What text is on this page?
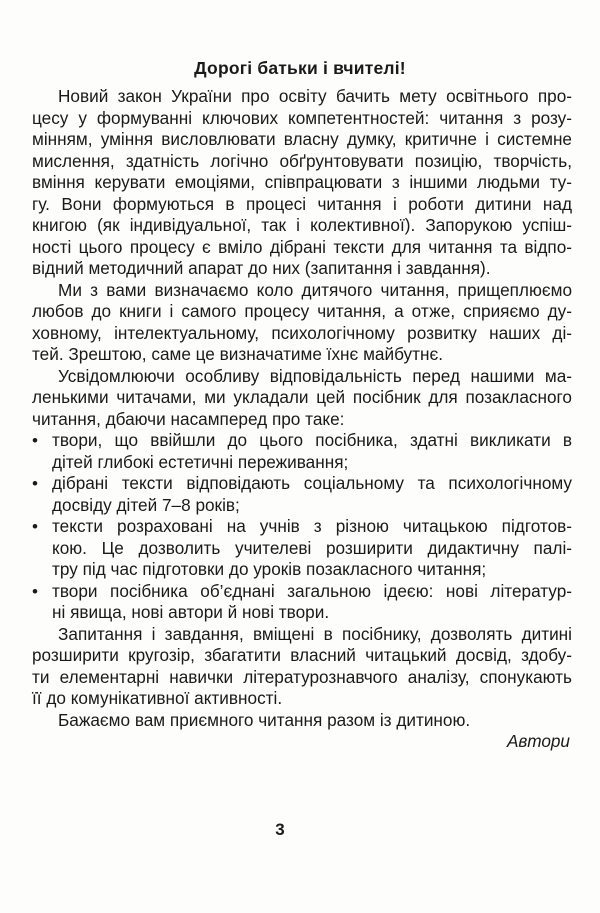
Дорогі батьки і вчителі!
Новий закон України про освіту бачить мету освітнього про-
цесу у формуванні ключових компетентностей: читання з розу-
мінням, уміння висловлювати власну думку, критичне і системне
мислення, здатність логічно обґрунтовувати позицію, творчість,
вміння керувати емоціями, співпрацювати з іншими людьми ту-
гу. Вони формуються в процесі читання і роботи дитини над
книгою (як індивідуальної, так і колективної). Запорукою успіш-
ності цього процесу є вміло дібрані тексти для читання та відпо-
відний методичний апарат до них (запитання і завдання).
Ми з вами визначаємо коло дитячого читання, прищеплюємо
любов до книги і самого процесу читання, а отже, сприяємо ду-
ховному, інтелектуальному, психологічному розвитку наших ді-
тей. Зрештою, саме це визначатиме їхнє майбутнє.
Усвідомлюючи особливу відповідальність перед нашими ма-
ленькими читачами, ми укладали цей посібник для позакласного
читання, дбаючи насамперед про таке:
• твори, що ввійшли до цього посібника, здатні викликати в
дітей глибокі естетичні переживання;
• дібрані тексти відповідають соціальному та психологічному
досвіду дітей 7–8 років;
• тексти розраховані на учнів з різною читацькою підготов-
кою. Це дозволить учителеві розширити дидактичну палі-
тру під час підготовки до уроків позакласного читання;
• твори посібника об’єднані загальною ідеєю: нові літератур-
ні явища, нові автори й нові твори.
Запитання і завдання, вміщені в посібнику, дозволять дитині
розширити кругозір, збагатити власний читацький досвід, здобу-
ти елементарні навички літературознавчого аналізу, спонукають
її до комунікативної активності.
Бажаємо вам приємного читання разом із дитиною.
Автори
3
